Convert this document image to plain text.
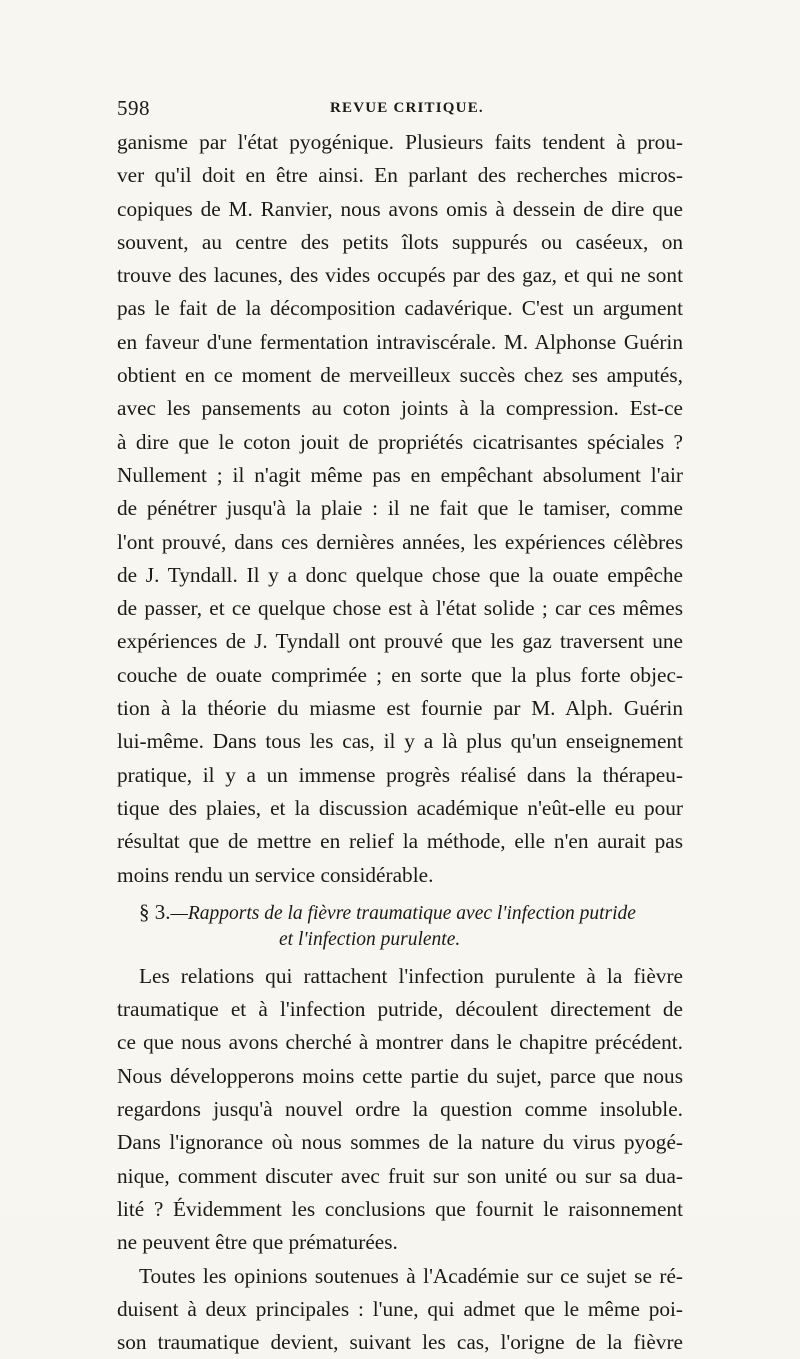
598	REVUE CRITIQUE.
ganisme par l'état pyogénique. Plusieurs faits tendent à prou-
ver qu'il doit en être ainsi. En parlant des recherches micros-
copiques de M. Ranvier, nous avons omis à dessein de dire que
souvent, au centre des petits îlots suppurés ou caséeux, on
trouve des lacunes, des vides occupés par des gaz, et qui ne sont
pas le fait de la décomposition cadavérique. C'est un argument
en faveur d'une fermentation intraviscérale. M. Alphonse Guérin
obtient en ce moment de merveilleux succès chez ses amputés,
avec les pansements au coton joints à la compression. Est-ce
à dire que le coton jouit de propriétés cicatrisantes spéciales ?
Nullement ; il n'agit même pas en empêchant absolument l'air
de pénétrer jusqu'à la plaie : il ne fait que le tamiser, comme
l'ont prouvé, dans ces dernières années, les expériences célèbres
de J. Tyndall. Il y a donc quelque chose que la ouate empêche
de passer, et ce quelque chose est à l'état solide ; car ces mêmes
expériences de J. Tyndall ont prouvé que les gaz traversent une
couche de ouate comprimée ; en sorte que la plus forte objec-
tion à la théorie du miasme est fournie par M. Alph. Guérin
lui-même. Dans tous les cas, il y a là plus qu'un enseignement
pratique, il y a un immense progrès réalisé dans la thérapeu-
tique des plaies, et la discussion académique n'eût-elle eu pour
résultat que de mettre en relief la méthode, elle n'en aurait pas
moins rendu un service considérable.
§ 3.—Rapports de la fièvre traumatique avec l'infection putride
et l'infection purulente.
Les relations qui rattachent l'infection purulente à la fièvre
traumatique et à l'infection putride, découlent directement de
ce que nous avons cherché à montrer dans le chapitre précédent.
Nous développerons moins cette partie du sujet, parce que nous
regardons jusqu'à nouvel ordre la question comme insoluble.
Dans l'ignorance où nous sommes de la nature du virus pyogé-
nique, comment discuter avec fruit sur son unité ou sur sa dua-
lité ? Évidemment les conclusions que fournit le raisonnement
ne peuvent être que prématurées.
Toutes les opinions soutenues à l'Académie sur ce sujet se ré-
duisent à deux principales : l'une, qui admet que le même poi-
son traumatique devient, suivant les cas, l'origne de la fièvre
